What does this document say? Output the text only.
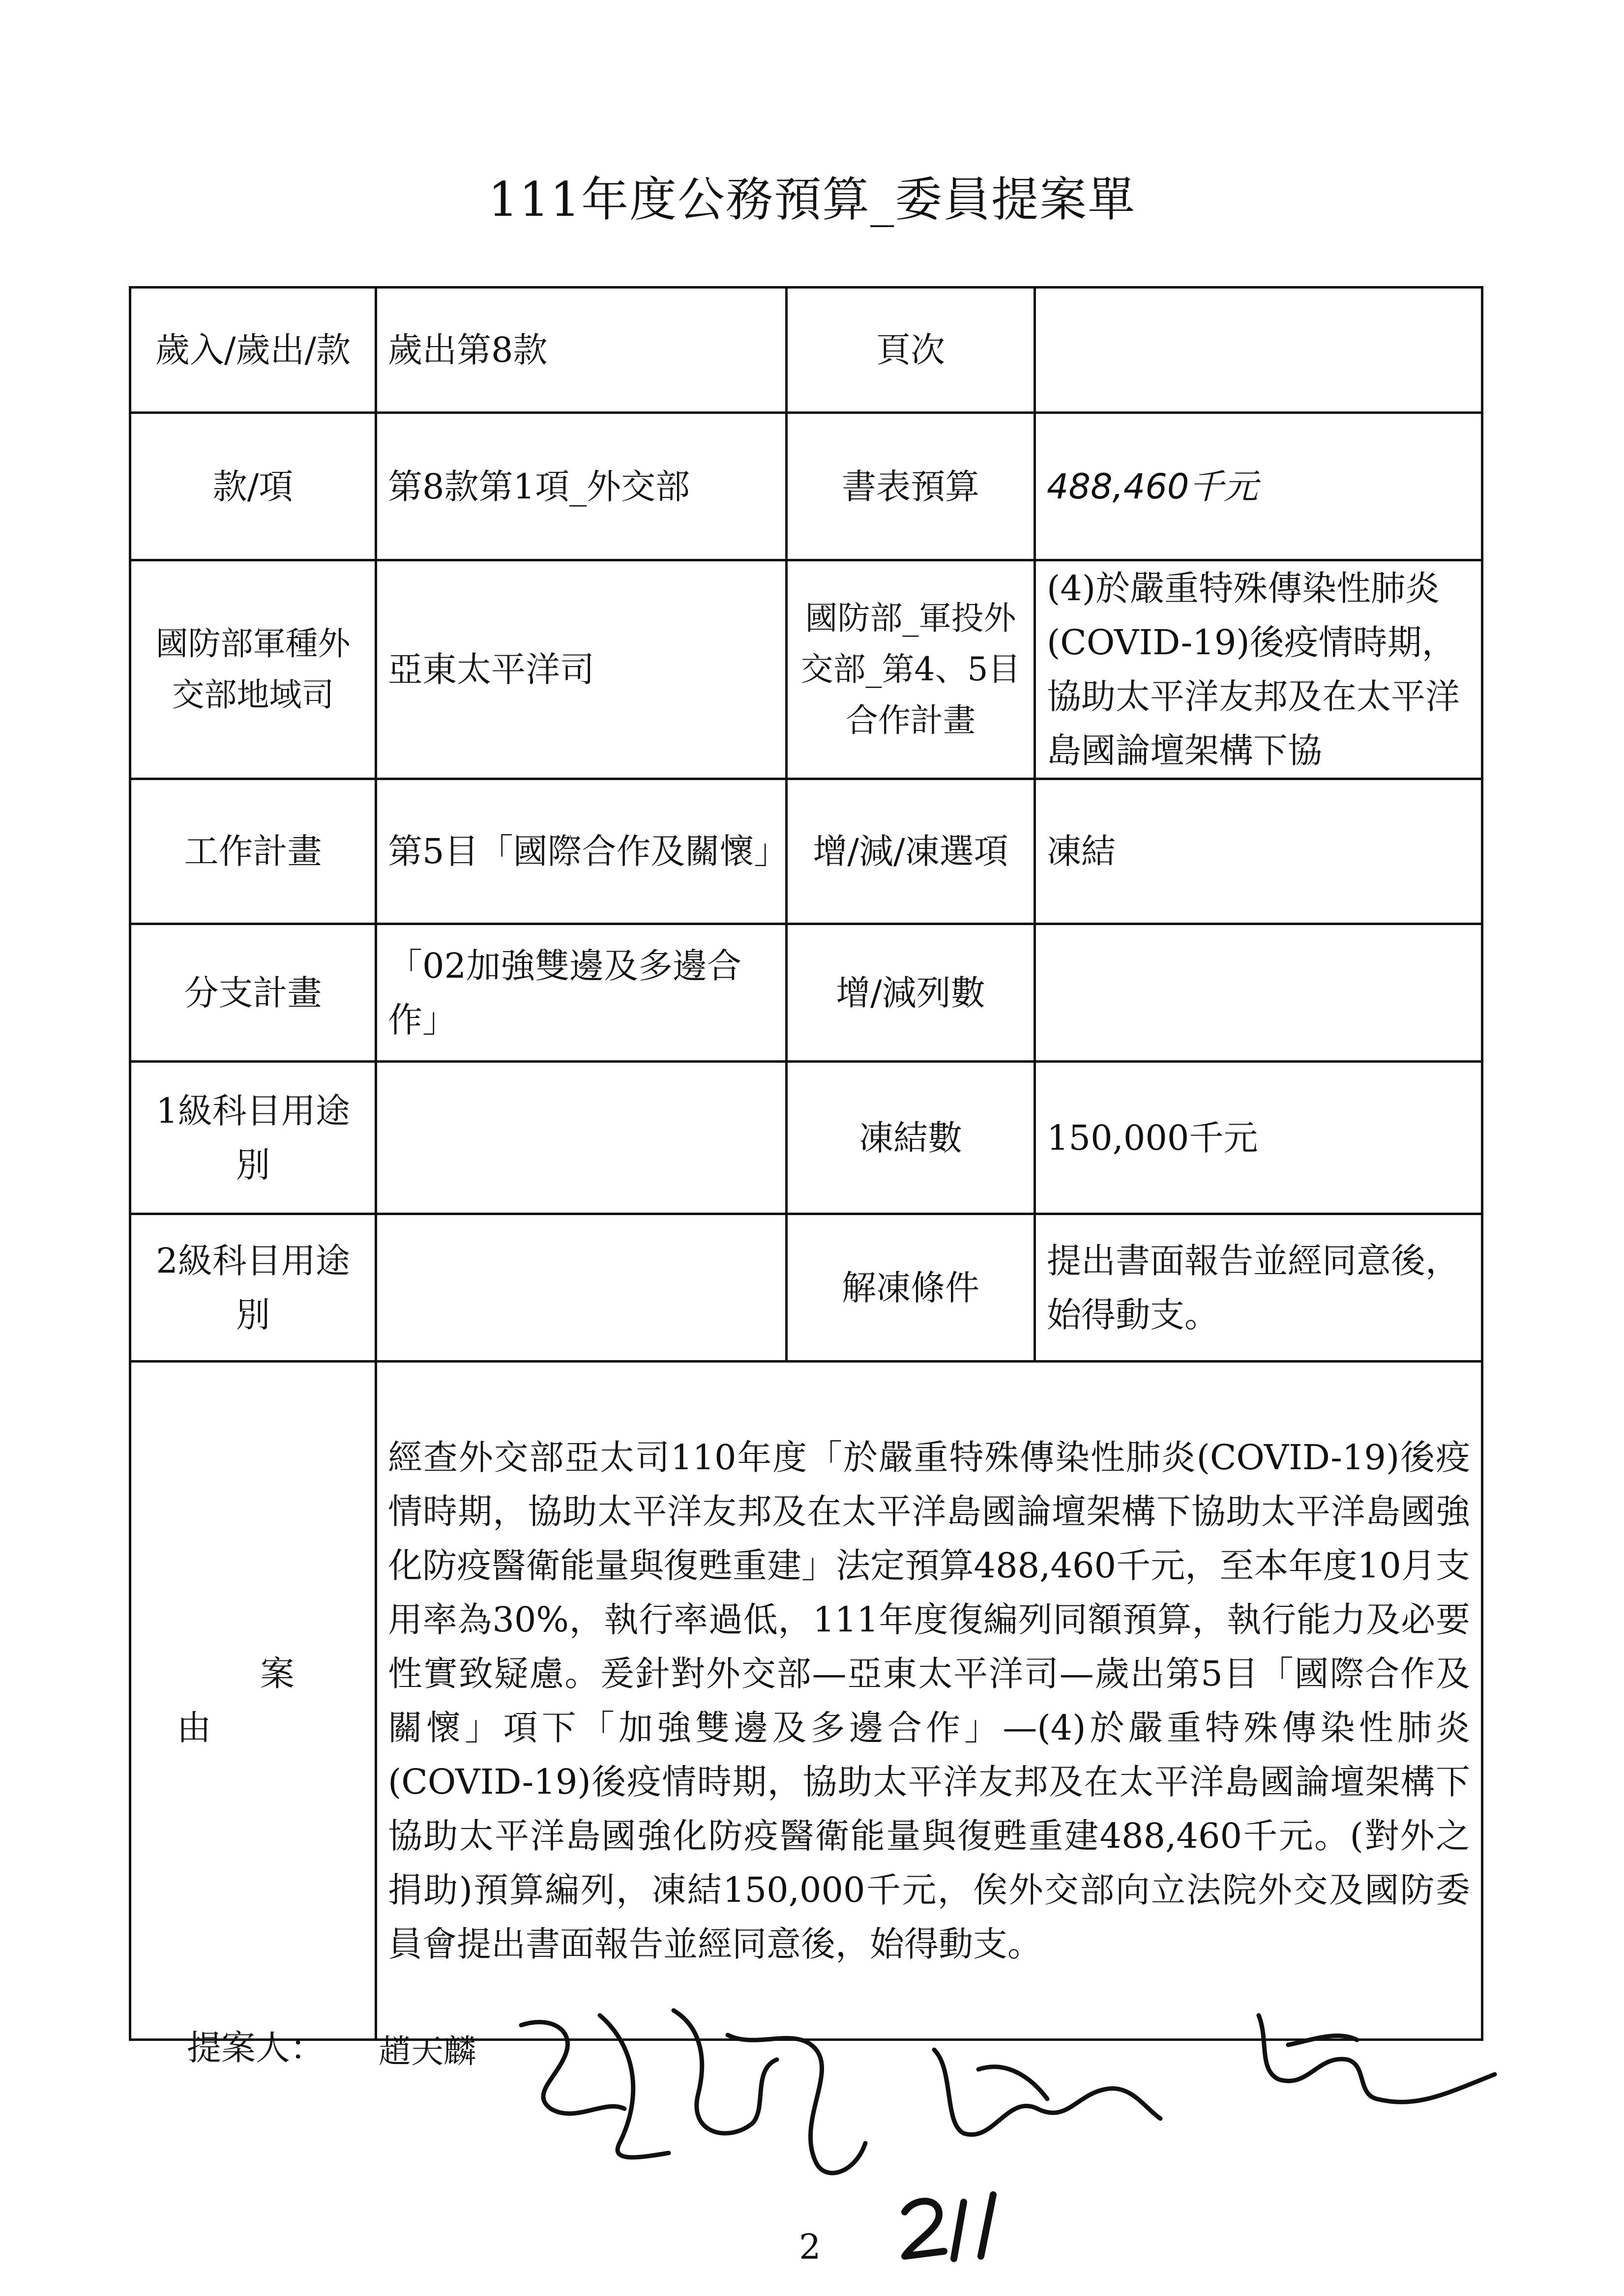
111年度公務預算_委員提案單
歲入/歲出/款	歲出第8款	頁次	
款/項	第8款第1項_外交部	書表預算	488,460千元
國防部軍種外交部地域司	亞東太平洋司	國防部_軍投外交部_第4、5目合作計畫	(4)於嚴重特殊傳染性肺炎(COVID-19)後疫情時期，協助太平洋友邦及在太平洋島國論壇架構下協
工作計畫	第5目「國際合作及關懷」	增/減/凍選項	凍結
分支計畫	「02加強雙邊及多邊合作」	增/減列數	
1級科目用途別		凍結數	150,000千元
2級科目用途別		解凍條件	提出書面報告並經同意後，始得動支。
案由	經查外交部亞太司110年度「於嚴重特殊傳染性肺炎(COVID-19)後疫情時期，協助太平洋友邦及在太平洋島國論壇架構下協助太平洋島國強化防疫醫衛能量與復甦重建」法定預算488,460千元，至本年度10月支用率為30%，執行率過低，111年度復編列同額預算，執行能力及必要性實致疑慮。爰針對外交部—亞東太平洋司—歲出第5目「國際合作及關懷」項下「加強雙邊及多邊合作」—(4)於嚴重特殊傳染性肺炎(COVID-19)後疫情時期，協助太平洋友邦及在太平洋島國論壇架構下協助太平洋島國強化防疫醫衛能量與復甦重建488,460千元。(對外之捐助)預算編列，凍結150,000千元，俟外交部向立法院外交及國防委員會提出書面報告並經同意後，始得動支。		
提案人： 趙天麟
2
